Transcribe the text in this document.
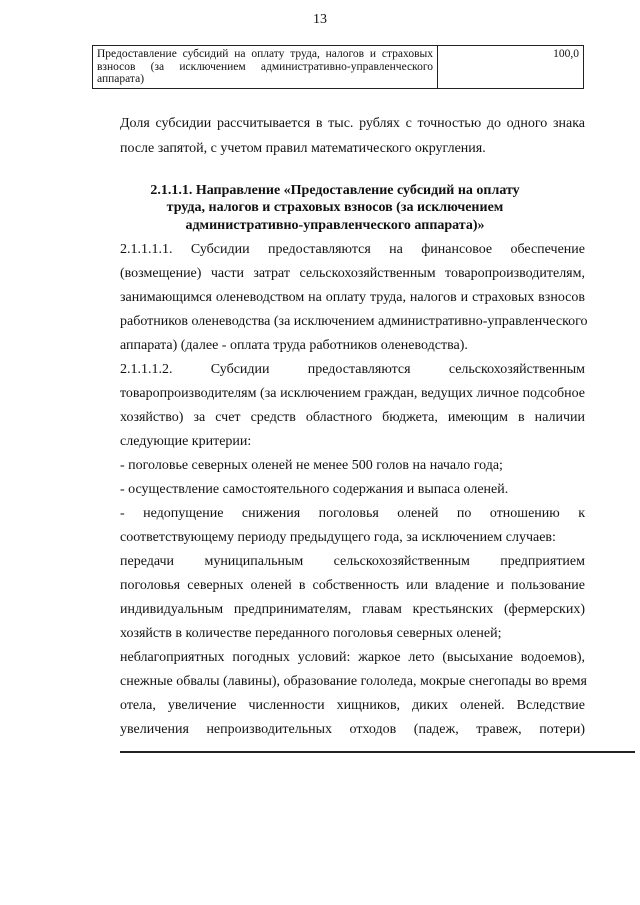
13
Предоставление субсидий на оплату труда, налогов и страховых взносов (за исключением административно-управленческого аппарата)	100,0
Доля субсидии рассчитывается в тыс. рублях с точностью до одного знака
после запятой, с учетом правил математического округления.
2.1.1.1. Направление «Предоставление субсидий на оплату
труда, налогов и страховых взносов (за исключением
административно-управленческого аппарата)»
2.1.1.1.1. Субсидии предоставляются на финансовое обеспечение
(возмещение) части затрат сельскохозяйственным товаропроизводителям,
занимающимся оленеводством на оплату труда, налогов и страховых взносов
работников оленеводства (за исключением административно-управленческого
аппарата) (далее - оплата труда работников оленеводства).
2.1.1.1.2. Субсидии предоставляются сельскохозяйственным
товаропроизводителям (за исключением граждан, ведущих личное подсобное
хозяйство) за счет средств областного бюджета, имеющим в наличии
следующие критерии:
- поголовье северных оленей не менее 500 голов на начало года;
- осуществление самостоятельного содержания и выпаса оленей.
- недопущение снижения поголовья оленей по отношению к
соответствующему периоду предыдущего года, за исключением случаев:
передачи муниципальным сельскохозяйственным предприятием
поголовья северных оленей в собственность или владение и пользование
индивидуальным предпринимателям, главам крестьянских (фермерских)
хозяйств в количестве переданного поголовья северных оленей;
неблагоприятных погодных условий: жаркое лето (высыхание водоемов),
снежные обвалы (лавины), образование гололеда, мокрые снегопады во время
отела, увеличение численности хищников, диких оленей. Вследствие
увеличения непроизводительных отходов (падеж, травеж, потери)
